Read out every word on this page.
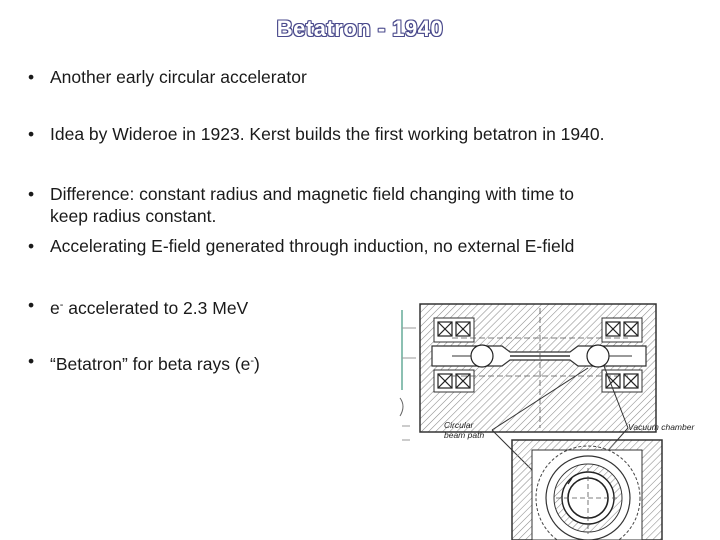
Betatron - 1940
• Another early circular accelerator
• Idea by Wideroe in 1923. Kerst builds the first working betatron in 1940.
• Difference: constant radius and magnetic field changing with time to
keep radius constant.
• Accelerating E-field generated through induction, no external E-field
• e- accelerated to 2.3 MeV
• “Betatron” for beta rays (e-)
Circular beam path
Vacuum chamber
